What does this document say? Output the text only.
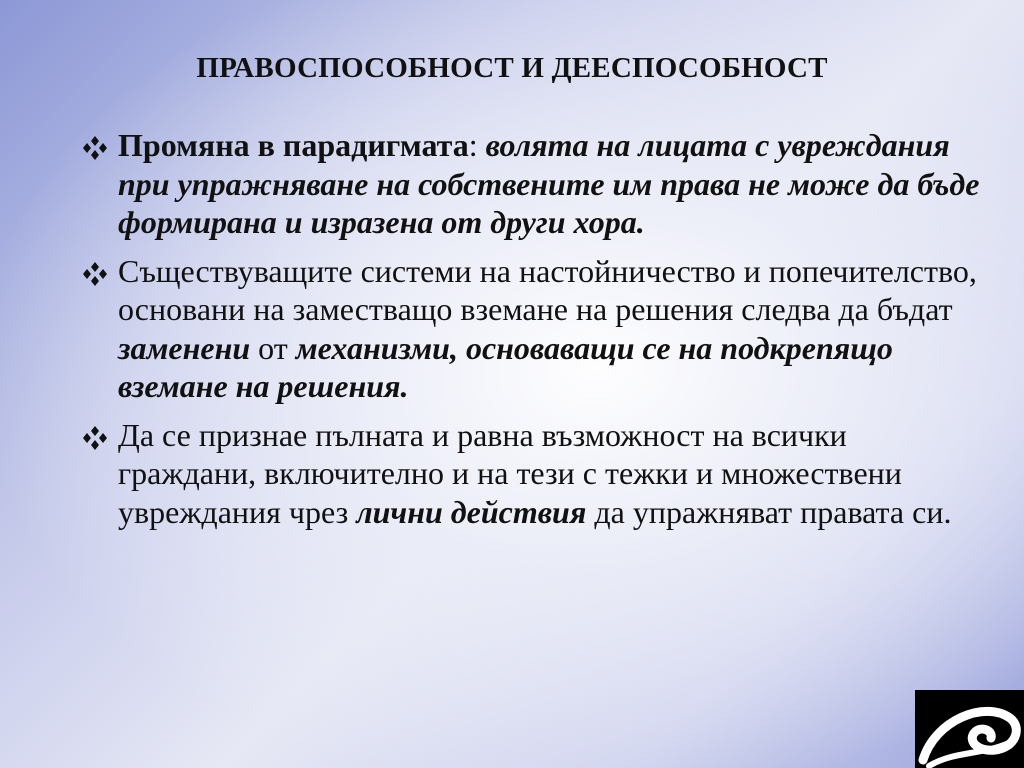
ПРАВОСПОСОБНОСТ И ДЕЕСПОСОБНОСТ
Промяна в парадигмата: волята на лицата с увреждания при упражняване на собствените им права не може да бъде формирана и изразена от други хора.
Съществуващите системи на настойничество и попечителство, основани на заместващо вземане на решения следва да бъдат заменени от механизми, основаващи се на подкрепящо вземане на решения.
Да се признае пълната и равна възможност на всички граждани, включително и на тези с тежки и множествени увреждания чрез лични действия да упражняват правата си.
